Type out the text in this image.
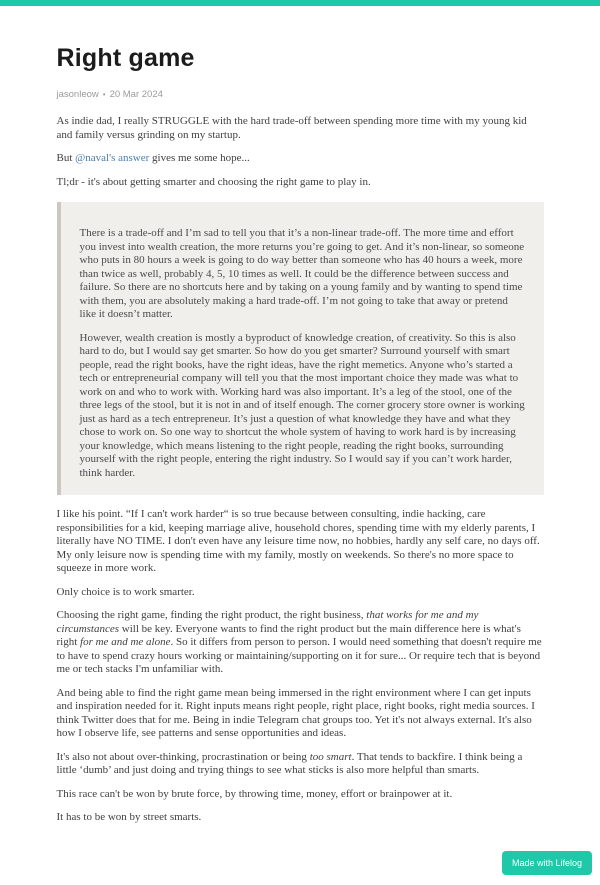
Right game
jasonleow • 20 Mar 2024

As indie dad, I really STRUGGLE with the hard trade-off between spending more time with my young kid and family versus grinding on my startup.

But @naval's answer gives me some hope...

Tl;dr - it's about getting smarter and choosing the right game to play in.

There is a trade-off and I’m sad to tell you that it’s a non-linear trade-off. The more time and effort you invest into wealth creation, the more returns you’re going to get. And it’s non-linear, so someone who puts in 80 hours a week is going to do way better than someone who has 40 hours a week, more than twice as well, probably 4, 5, 10 times as well. It could be the difference between success and failure. So there are no shortcuts here and by taking on a young family and by wanting to spend time with them, you are absolutely making a hard trade-off. I’m not going to take that away or pretend like it doesn’t matter.

However, wealth creation is mostly a byproduct of knowledge creation, of creativity. So this is also hard to do, but I would say get smarter. So how do you get smarter? Surround yourself with smart people, read the right books, have the right ideas, have the right memetics. Anyone who’s started a tech or entrepreneurial company will tell you that the most important choice they made was what to work on and who to work with. Working hard was also important. It’s a leg of the stool, one of the three legs of the stool, but it is not in and of itself enough. The corner grocery store owner is working just as hard as a tech entrepreneur. It’s just a question of what knowledge they have and what they chose to work on. So one way to shortcut the whole system of having to work hard is by increasing your knowledge, which means listening to the right people, reading the right books, surrounding yourself with the right people, entering the right industry. So I would say if you can’t work harder, think harder.

I like his point. “If I can't work harder“ is so true because between consulting, indie hacking, care responsibilities for a kid, keeping marriage alive, household chores, spending time with my elderly parents, I literally have NO TIME. I don't even have any leisure time now, no hobbies, hardly any self care, no days off. My only leisure now is spending time with my family, mostly on weekends. So there's no more space to squeeze in more work.

Only choice is to work smarter.

Choosing the right game, finding the right product, the right business, that works for me and my circumstances will be key. Everyone wants to find the right product but the main difference here is what's right for me and me alone. So it differs from person to person. I would need something that doesn't require me to have to spend crazy hours working or maintaining/supporting on it for sure... Or require tech that is beyond me or tech stacks I'm unfamiliar with.

And being able to find the right game mean being immersed in the right environment where I can get inputs and inspiration needed for it. Right inputs means right people, right place, right books, right media sources. I think Twitter does that for me. Being in indie Telegram chat groups too. Yet it's not always external. It's also how I observe life, see patterns and sense opportunities and ideas.

It's also not about over-thinking, procrastination or being too smart. That tends to backfire. I think being a little ‘dumb’ and just doing and trying things to see what sticks is also more helpful than smarts.

This race can't be won by brute force, by throwing time, money, effort or brainpower at it.

It has to be won by street smarts.

Made with Lifelog
